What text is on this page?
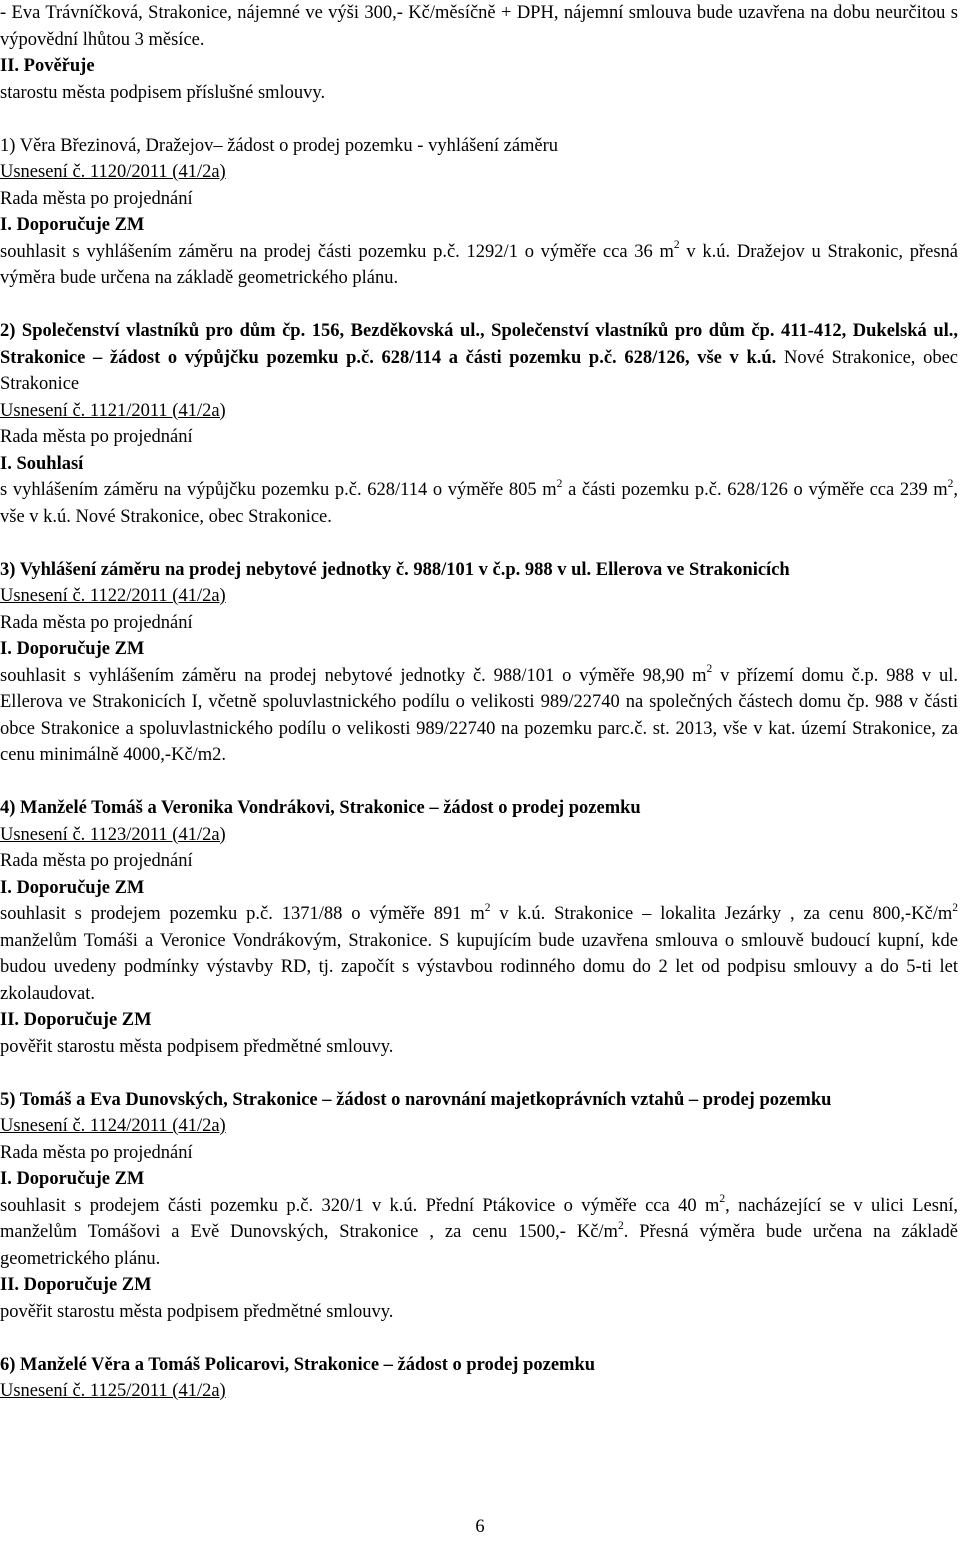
- Eva Trávníčková, Strakonice, nájemné ve výši 300,- Kč/měsíčně + DPH, nájemní smlouva bude uzavřena na dobu neurčitou s výpovědní lhůtou 3 měsíce.

II. Pověřuje

starostu města podpisem příslušné smlouvy.

1) Věra Březinová, Dražejov– žádost o prodej pozemku - vyhlášení záměru

Usnesení č. 1120/2011 (41/2a)

Rada města po projednání

I. Doporučuje ZM

souhlasit s vyhlášením záměru na prodej části pozemku p.č. 1292/1 o výměře cca 36 $m^2$ v k.ú. Dražejov u Strakonic, přesná výměra bude určena na základě geometrického plánu.

2) Společenství vlastníků pro dům čp. 156, Bezděkovská ul., Společenství vlastníků pro dům čp. 411-412, Dukelská ul., Strakonice – žádost o výpůjčku pozemku p.č. 628/114 a části pozemku p.č. 628/126, vše v k.ú. Nové Strakonice, obec Strakonice

Usnesení č. 1121/2011 (41/2a)

Rada města po projednání

I. Souhlasí

s vyhlášením záměru na výpůjčku pozemku p.č. 628/114 o výměře 805 $m^2$ a části pozemku p.č. 628/126 o výměře cca 239 $m^2$, vše v k.ú. Nové Strakonice, obec Strakonice.

3) Vyhlášení záměru na prodej nebytové jednotky č. 988/101 v č.p. 988 v ul. Ellerova ve Strakonicích

Usnesení č. 1122/2011 (41/2a)

Rada města po projednání

I. Doporučuje ZM

souhlasit s vyhlášením záměru na prodej nebytové jednotky č. 988/101 o výměře 98,90 $m^2$ v přízemí domu č.p. 988 v ul. Ellerova ve Strakonicích I, včetně spoluvlastnického podílu o velikosti 989/22740 na společných částech domu čp. 988 v části obce Strakonice a spoluvlastnického podílu o velikosti 989/22740 na pozemku parc.č. st. 2013, vše v kat. území Strakonice, za cenu minimálně 4000,-Kč/m2.

4) Manželé Tomáš a Veronika Vondrákovi, Strakonice – žádost o prodej pozemku

Usnesení č. 1123/2011 (41/2a)

Rada města po projednání

I. Doporučuje ZM

souhlasit s prodejem pozemku p.č. 1371/88 o výměře 891 $m^2$ v k.ú. Strakonice – lokalita Jezárky , za cenu $800,-Kč/m^2$ manželům Tomáši a Veronice Vondrákovým, Strakonice. S kupujícím bude uzavřena smlouva o smlouvě budoucí kupní, kde budou uvedeny podmínky výstavby RD, tj. započít s výstavbou rodinného domu do 2 let od podpisu smlouvy a do 5-ti let zkolaudovat.

II. Doporučuje ZM

pověřit starostu města podpisem předmětné smlouvy.

5) Tomáš a Eva Dunovských, Strakonice – žádost o narovnání majetkoprávních vztahů – prodej pozemku

Usnesení č. 1124/2011 (41/2a)

Rada města po projednání

I. Doporučuje ZM

souhlasit s prodejem části pozemku p.č. 320/1 v k.ú. Přední Ptákovice o výměře cca 40 $m^2$, nacházející se v ulici Lesní, manželům Tomášovi a Evě Dunovských, Strakonice , za cenu 1500,- $Kč/m^2$. Přesná výměra bude určena na základě geometrického plánu.

II. Doporučuje ZM

pověřit starostu města podpisem předmětné smlouvy.

6) Manželé Věra a Tomáš Policarovi, Strakonice – žádost o prodej pozemku

Usnesení č. 1125/2011 (41/2a)

6
